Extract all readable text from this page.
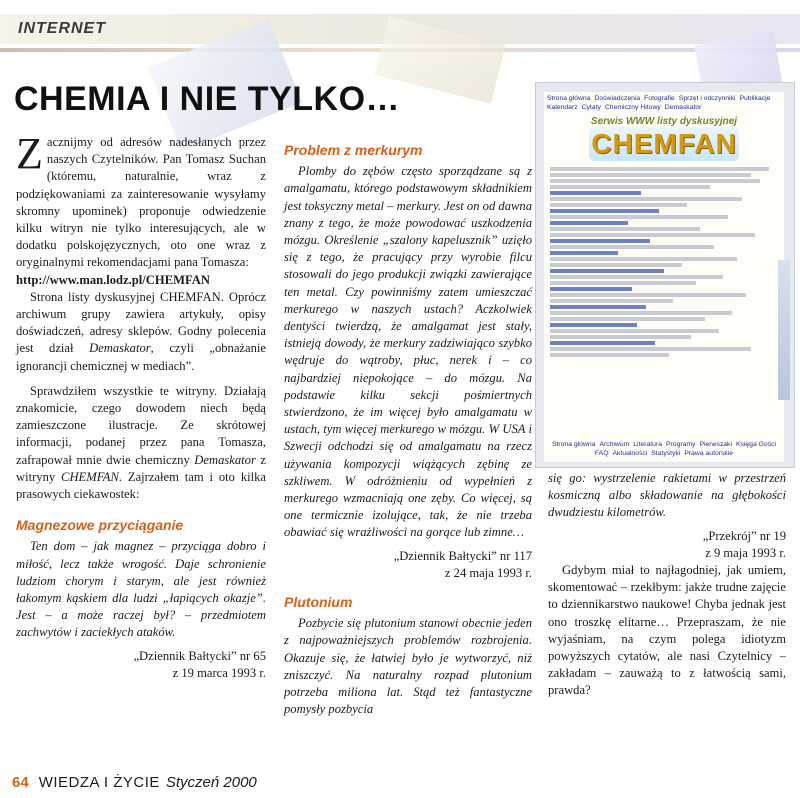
INTERNET
CHEMIA I NIE TYLKO…

Zacznijmy od adresów nadesłanych przez naszych Czytelników. Pan Tomasz Suchan (któremu, naturalnie, wraz z podziękowaniami za zainteresowanie wysyłamy skromny upominek) proponuje odwiedzenie kilku witryn nie tylko interesujących, ale w dodatku polskojęzycznych, oto one wraz z oryginalnymi rekomendacjami pana Tomasza:

http://www.man.lodz.pl/CHEMFAN

Strona listy dyskusyjnej CHEMFAN. Oprócz archiwum grupy zawiera artykuły, opisy doświadczeń, adresy sklepów. Godny polecenia jest dział Demaskator, czyli „obnażanie ignorancji chemicznej w mediach”.

Sprawdziłem wszystkie te witryny. Działają znakomicie, czego dowodem niech będą zamieszczone ilustracje. Ze skrótowej informacji, podanej przez pana Tomasza, zafrapował mnie dwie chemiczny Demaskator z witryny CHEMFAN. Zajrzałem tam i oto kilka prasowych ciekawostek:

Magnezowe przyciąganie

Ten dom – jak magnez – przyciąga dobro i miłość, lecz także wrogość. Daje schronienie ludziom chorym i starym, ale jest również łakomym kąskiem dla ludzi „łapiących okazje”. Jest – a może raczej był? – przedmiotem zachwytów i zaciekłych ataków.

„Dziennik Bałtycki” nr 65

z 19 marca 1993 r.

Problem z merkurym

Plomby do zębów często sporządzane są z amalgamatu, którego podstawowym składnikiem jest toksyczny metal – merkury. Jest on od dawna znany z tego, że może powodować uszkodzenia mózgu. Określenie „szalony kapelusznik” uzięło się z tego, że pracujący przy wyrobie filcu stosowali do jego produkcji związki zawierające ten metal. Czy powinniśmy zatem umieszczać merkurego w naszych ustach? Aczkolwiek dentyści twierdzą, że amalgamat jest stały, istnieją dowody, że merkury zadziwiająco szybko wędruje do wątroby, płuc, nerek i – co najbardziej niepokojące – do mózgu. Na podstawie kilku sekcji pośmiertnych stwierdzono, że im więcej było amalgamatu w ustach, tym więcej merkurego w mózgu. W USA i Szwecji odchodzi się od amalgamatu na rzecz używania kompozycji wiążących zębinę ze szkliwem. W odróżnieniu od wypełnień z merkurego wzmacniają one zęby. Co więcej, są one termicznie izolujące, tak, że nie trzeba obawiać się wrażliwości na gorące lub zimne…

„Dziennik Bałtycki” nr 117

z 24 maja 1993 r.

Plutonium

Pozbycie się plutonium stanowi obecnie jeden z najpoważniejszych problemów rozbrojenia. Okazuje się, że łatwiej było je wytworzyć, niż zniszczyć. Na naturalny rozpad plutonium potrzeba miliona lat. Stąd też fantastyczne pomysły pozbycia

Strona główna Doświadczenia Fotografie Sprzęt i odczynniki PublikacjeKalendarz Cytaty Chemiczny Hitowy Demaskator
Serwis WWW listy dyskusyjnej
CHEMFAN
Strona główna Archiwum Literatura Programy Pierwszaki Księga GościFAQ Aktualności Statystyki Prawa autorskie

się go: wystrzelenie rakietami w przestrzeń kosmiczną albo składowanie na głębokości dwudziestu kilometrów.

„Przekrój” nr 19

z 9 maja 1993 r.

Gdybym miał to najłagodniej, jak umiem, skomentować – rzekłbym: jakże trudne zajęcie to dziennikarstwo naukowe! Chyba jednak jest ono troszkę elitarne… Przepraszam, że nie wyjaśniam, na czym polega idiotyzm powyższych cytatów, ale nasi Czytelnicy – zakładam – zauważą to z łatwością sami, prawda?

64 WIEDZA I ŻYCIE Styczeń 2000
